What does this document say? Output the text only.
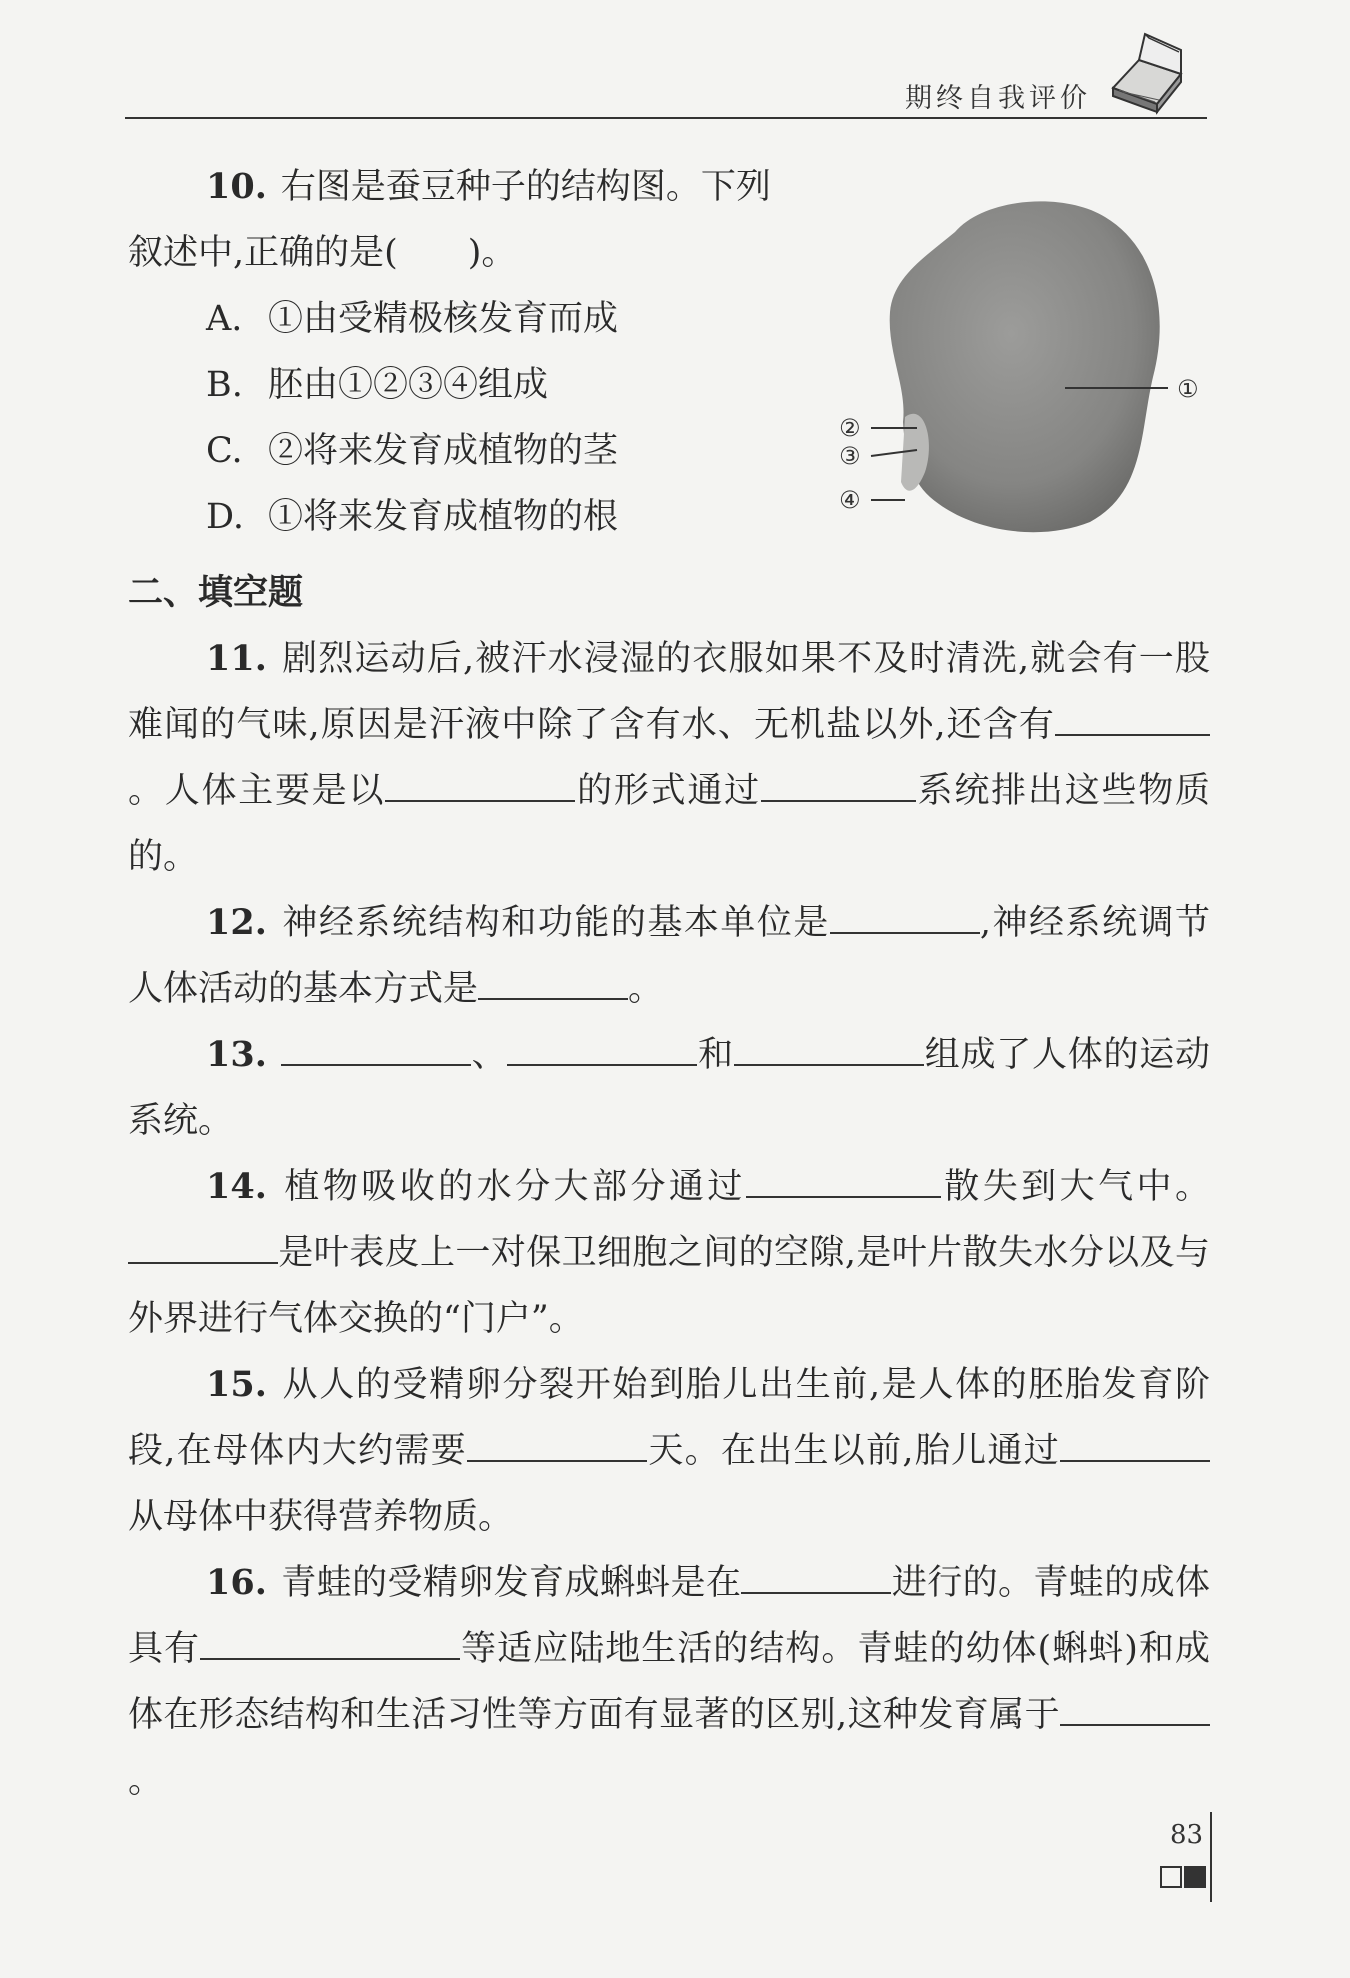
期终自我评价

10. 右图是蚕豆种子的结构图。下列

叙述中,正确的是(　　)。

A. ①由受精极核发育而成

B. 胚由①②③④组成

C. ②将来发育成植物的茎

D. ①将来发育成植物的根

①
②
③
④

二、填空题

11. 剧烈运动后,被汗水浸湿的衣服如果不及时清洗,就会有一股难闻的气味,原因是汗液中除了含有水、无机盐以外,还含有。人体主要是以	的形式通过	系统排出这些物质的。

12. 神经系统结构和功能的基本单位是	,神经系统调节人体活动的基本方式是	。

13.	、	和	组成了人体的运动系统。

14. 植物吸收的水分大部分通过	散失到大气中。是叶表皮上一对保卫细胞之间的空隙,是叶片散失水分以及与外界进行气体交换的“门户”。

15. 从人的受精卵分裂开始到胎儿出生前,是人体的胚胎发育阶段,在母体内大约需要	天。在出生以前,胎儿通过从母体中获得营养物质。

16. 青蛙的受精卵发育成蝌蚪是在	进行的。青蛙的成体具有	等适应陆地生活的结构。青蛙的幼体(蝌蚪)和成体在形态结构和生活习性等方面有显著的区别,这种发育属于。

83
